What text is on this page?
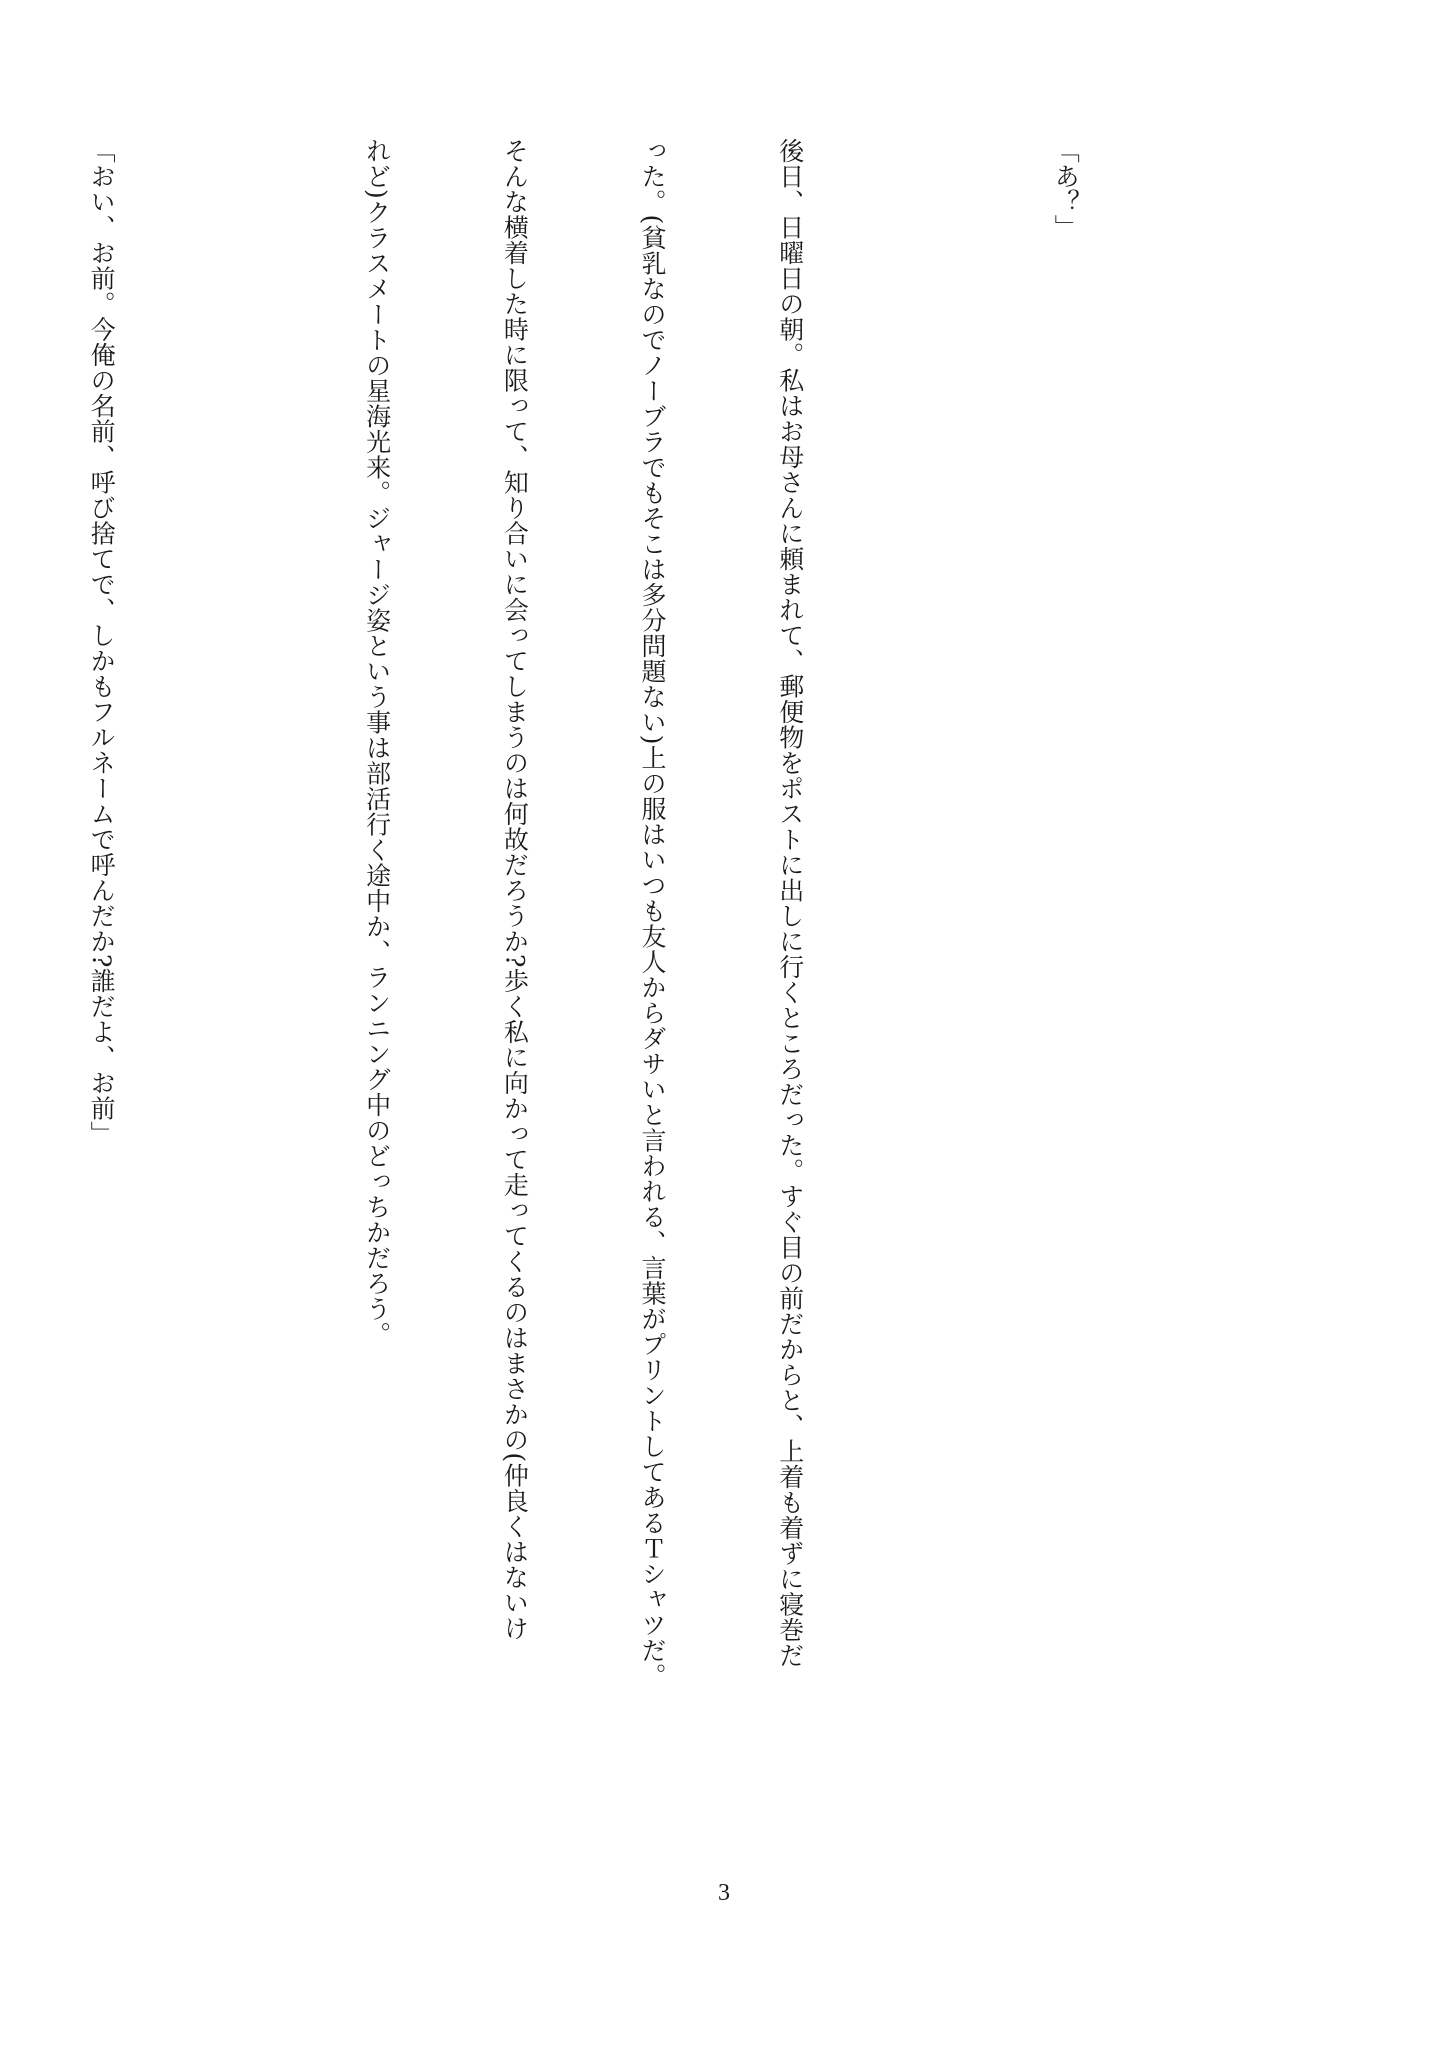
「あ？」

後日、日曜日の朝。私はお母さんに頼まれて、郵便物をポストに出しに行くところだった。すぐ目の前だからと、上着も着ずに寝巻だ

った。(貧乳なのでノーブラでもそこは多分問題ない)上の服はいつも友人からダサいと言われる、言葉がプリントしてあるＴシャツだ。

そんな横着した時に限って、知り合いに会ってしまうのは何故だろうか?歩く私に向かって走ってくるのはまさかの(仲良くはないけ

れど)クラスメートの星海光来。ジャージ姿という事は部活行く途中か、ランニング中のどっちかだろう。

「おい、お前。今俺の名前、呼び捨てで、しかもフルネームで呼んだか?誰だよ、お前」

3
